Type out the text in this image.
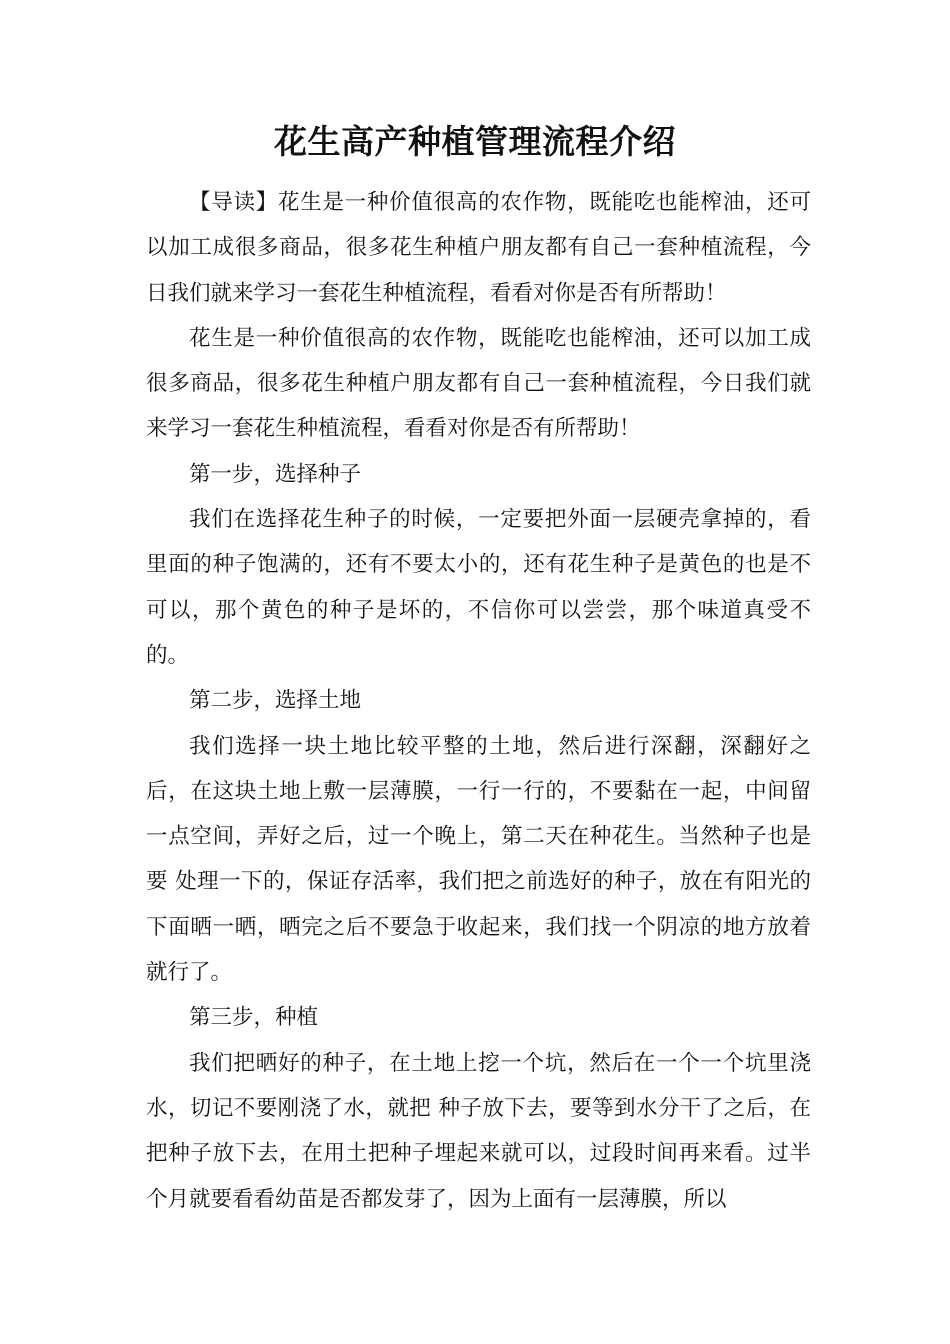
花生高产种植管理流程介绍

【导读】花生是一种价值很高的农作物，既能吃也能榨油，还可以加工成很多商品，很多花生种植户朋友都有自己一套种植流程，今日我们就来学习一套花生种植流程，看看对你是否有所帮助！

花生是一种价值很高的农作物，既能吃也能榨油，还可以加工成很多商品，很多花生种植户朋友都有自己一套种植流程，今日我们就来学习一套花生种植流程，看看对你是否有所帮助！

第一步，选择种子

我们在选择花生种子的时候，一定要把外面一层硬壳拿掉的，看里面的种子饱满的，还有不要太小的，还有花生种子是黄色的也是不可以，那个黄色的种子是坏的，不信你可以尝尝，那个味道真受不的。

第二步，选择土地

我们选择一块土地比较平整的土地，然后进行深翻，深翻好之后，在这块土地上敷一层薄膜，一行一行的，不要黏在一起，中间留一点空间，弄好之后，过一个晚上，第二天在种花生。当然种子也是要 处理一下的，保证存活率，我们把之前选好的种子，放在有阳光的下面晒一晒，晒完之后不要急于收起来，我们找一个阴凉的地方放着就行了。

第三步，种植

我们把晒好的种子，在土地上挖一个坑，然后在一个一个坑里浇水，切记不要刚浇了水，就把 种子放下去，要等到水分干了之后，在把种子放下去，在用土把种子埋起来就可以，过段时间再来看。过半个月就要看看幼苗是否都发芽了，因为上面有一层薄膜，所以
